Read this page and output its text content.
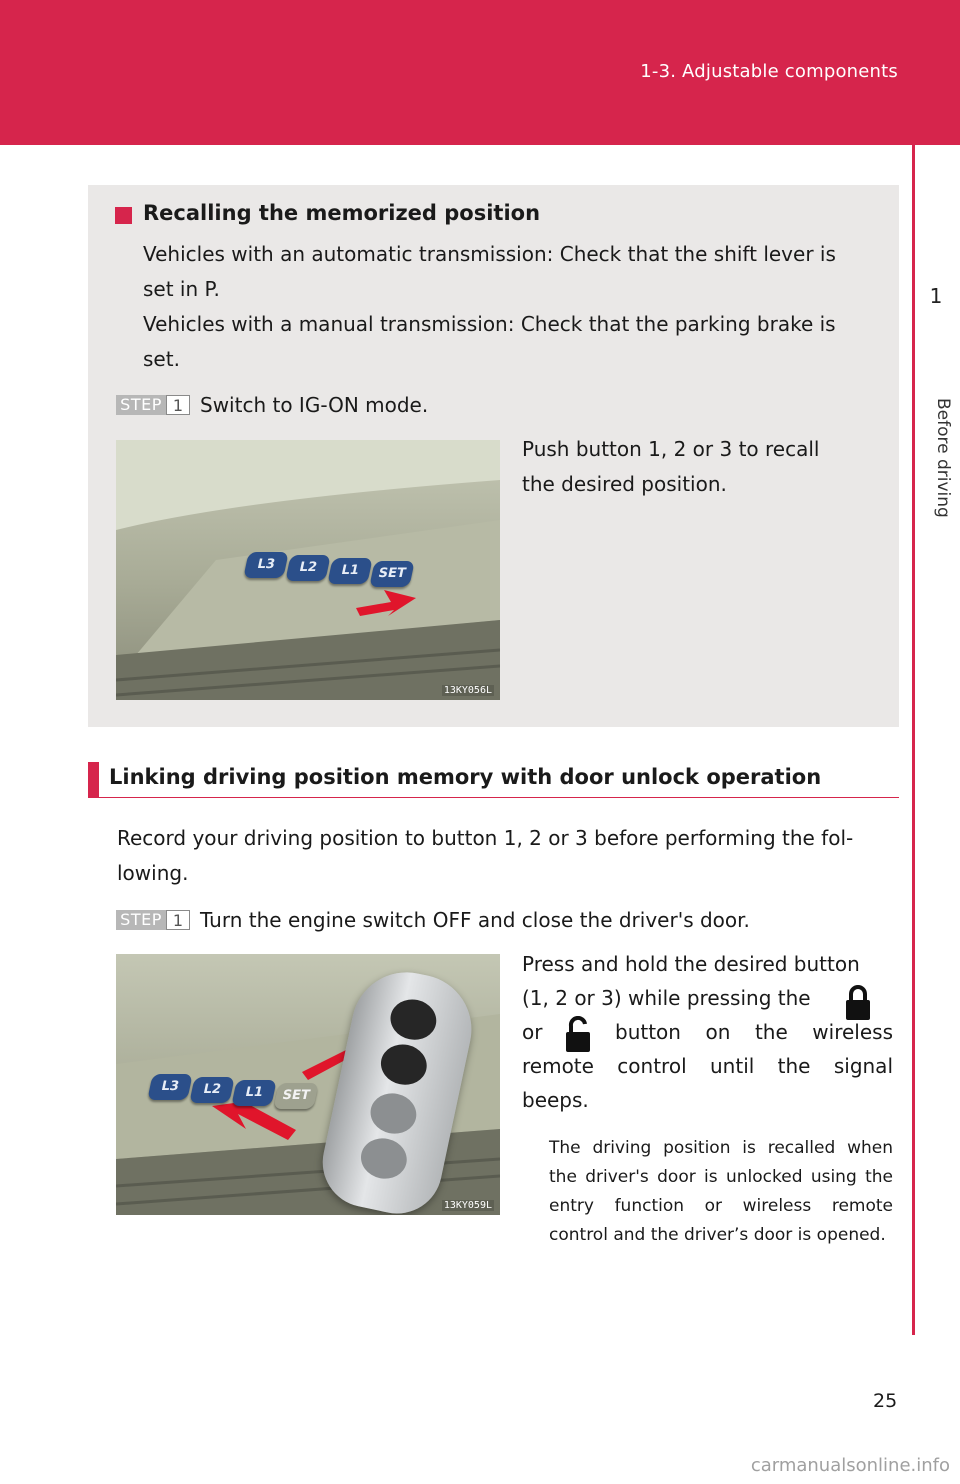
1-3. Adjustable components
1
Before driving
Recalling the memorized position
Vehicles with an automatic transmission: Check that the shift lever is
set in P.
Vehicles with a manual transmission: Check that the parking brake is
set.
STEP 1 Switch to IG-ON mode.
L3	L2	L1	SET
13KY056L
Push button 1, 2 or 3 to recall
the desired position.
Linking driving position memory with door unlock operation
Record your driving position to button 1, 2 or 3 before performing the fol-
lowing.
STEP 1 Turn the engine switch OFF and close the driver's door.
L3	L2	L1	SET
13KY059L
Press and hold the desired button
(1, 2 or 3) while pressing the
or	button on the wireless
remote control until the signal
beeps.
The driving position is recalled when the driver's door is unlocked using the entry function or wireless remote control and the driver’s door is opened.
25
carmanualsonline.info
